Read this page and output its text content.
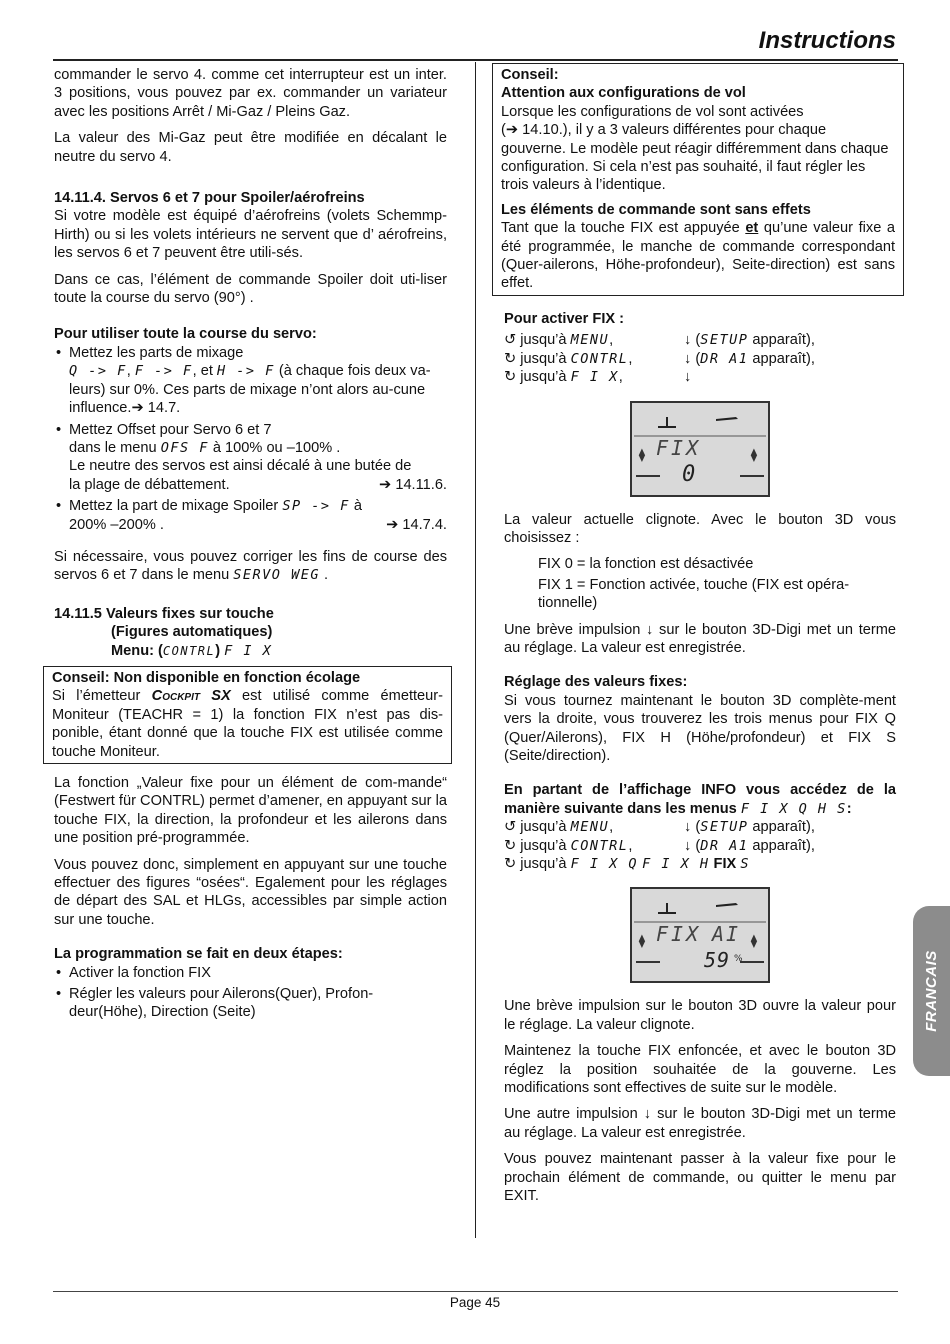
Instructions

commander le servo 4. comme cet interrupteur est un inter. 3 positions, vous pouvez par ex. commander un variateur avec les positions Arrêt / Mi-Gaz / Pleins Gaz.

La valeur des Mi-Gaz peut être modifiée en décalant le neutre du servo 4.

14.11.4. Servos 6 et 7 pour Spoiler/aérofreins

Si votre modèle est équipé d’aérofreins (volets Schemmp-Hirth) ou si les volets intérieurs ne servent que d’ aérofreins, les servos 6 et 7 peuvent être utili-sés.

Dans ce cas, l’élément de commande Spoiler doit uti-liser toute la course du servo (90°) .

Pour utiliser toute la course du servo:

• Mettez les parts de mixage
Q -> F, F -> F, et H -> F (à chaque fois deux va-leurs) sur 0%. Ces parts de mixage n’ont alors au-cune influence.➔ 14.7.
• Mettez Offset pour Servo 6 et 7
dans le menu OFS F à 100% ou –100% .
Le neutre des servos est ainsi décalé à une butée de
la plage de débattement.	➔ 14.11.6.
• Mettez la part de mixage Spoiler SP -> F à
200% –200% .	➔ 14.7.4.

Si nécessaire, vous pouvez corriger les fins de course des servos 6 et 7 dans le menu SERVO WEG .

14.11.5 Valeurs fixes sur touche

(Figures automatiques)

Menu: (CONTRL) F I X

Conseil: Non disponible en fonction écolage

Si l’émetteur Cockpit SX est utilisé comme émetteur-Moniteur (TEACHR = 1) la fonction FIX n’est pas dis-ponible, étant donné que la touche FIX est utilisée comme touche Moniteur.

La fonction „Valeur fixe pour un élément de com-mande“ (Festwert für CONTRL) permet d’amener, en appuyant sur la touche FIX, la direction, la profondeur et les ailerons dans une position pré-programmée.

Vous pouvez donc, simplement en appuyant sur une touche effectuer des figures “osées“. Egalement pour les réglages de départ des SAL et HLGs, accessibles par simple action sur une touche.

La programmation se fait en deux étapes:

• Activer la fonction FIX
• Régler les valeurs pour Ailerons(Quer), Profon-deur(Höhe), Direction (Seite)

Conseil:

Attention aux configurations de vol

Lorsque les configurations de vol sont activées
(➔ 14.10.), il y a 3 valeurs différentes pour chaque gouverne. Le modèle peut réagir différemment dans chaque configuration. Si cela n’est pas souhaité, il faut régler les trois valeurs à l’identique.

Les éléments de commande sont sans effets

Tant que la touche FIX est appuyée et qu’une valeur fixe a été programmée, le manche de commande correspondant (Quer-ailerons, Höhe-profondeur), Seite-direction) est sans effet.

Pour activer FIX :

↺ jusqu’à MENU,	↓ (SETUP apparaît),
↻ jusqu’à CONTRL,	↓ (DR A1 apparaît),
↻ jusqu’à F I X,	↓
⧫	⧫
FIX
0

La valeur actuelle clignote. Avec le bouton 3D vous choisissez :

FIX 0 = la fonction est désactivée

FIX 1 = Fonction activée, touche (FIX est opéra-tionnelle)

Une brève impulsion ↓ sur le bouton 3D-Digi met un terme au réglage. La valeur est enregistrée.

Réglage des valeurs fixes:

Si vous tournez maintenant le bouton 3D complète-ment vers la droite, vous trouverez les trois menus pour FIX Q (Quer/Ailerons), FIX H (Höhe/profondeur) et FIX S (Seite/direction).

En partant de l’affichage INFO vous accédez de la manière suivante dans les menus F I X Q H S:

↺ jusqu’à MENU,	↓ (SETUP apparaît),
↻ jusqu’à CONTRL,	↓ (DR A1 apparaît),
↻ jusqu’à F I X Q F I X H FIX S
⧫	⧫
FIX AI
59 %

Une brève impulsion sur le bouton 3D ouvre la valeur pour le réglage. La valeur clignote.

Maintenez la touche FIX enfoncée, et avec le bouton 3D réglez la position souhaitée de la gouverne. Les modifications sont effectives de suite sur le modèle.

Une autre impulsion ↓ sur le bouton 3D-Digi met un terme au réglage. La valeur est enregistrée.

Vous pouvez maintenant passer à la valeur fixe pour le prochain élément de commande, ou quitter le menu par EXIT.

FRANCAIS
Page 45
